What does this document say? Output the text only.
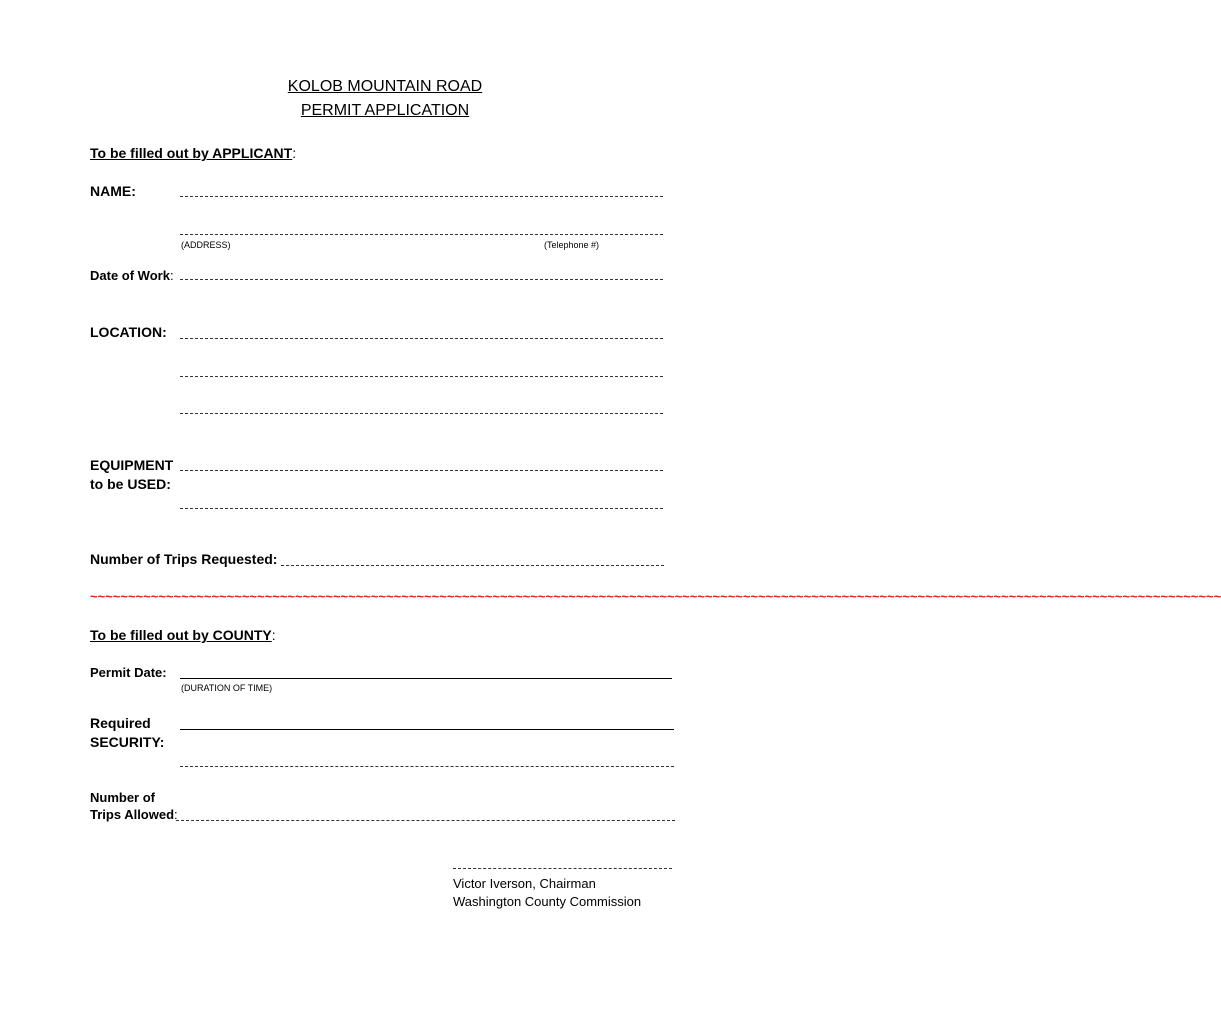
KOLOB MOUNTAIN ROAD
PERMIT APPLICATION
To be filled out by APPLICANT:
NAME:
(ADDRESS)	(Telephone #)
Date of Work:
LOCATION:
EQUIPMENT
to be USED:
Number of Trips Requested:
~~~~~~~~~~~~~~~~~~~~~~~~~~~~~~~~~~~~~~~~~~~~~~~~~~~~~~~~~~~~~~~~~~~~~~~~~~~~~~~~~~~~~~~~~~~~~~~~~~~~~~~~~~~~~~~~~~~~~~~~~~~~~~~~~~~~~~~~~~~~~~~~~~~~~
To be filled out by COUNTY:
Permit Date:
(DURATION OF TIME)
Required
SECURITY:
Number of
Trips Allowed:
Victor Iverson, Chairman
Washington County Commission
